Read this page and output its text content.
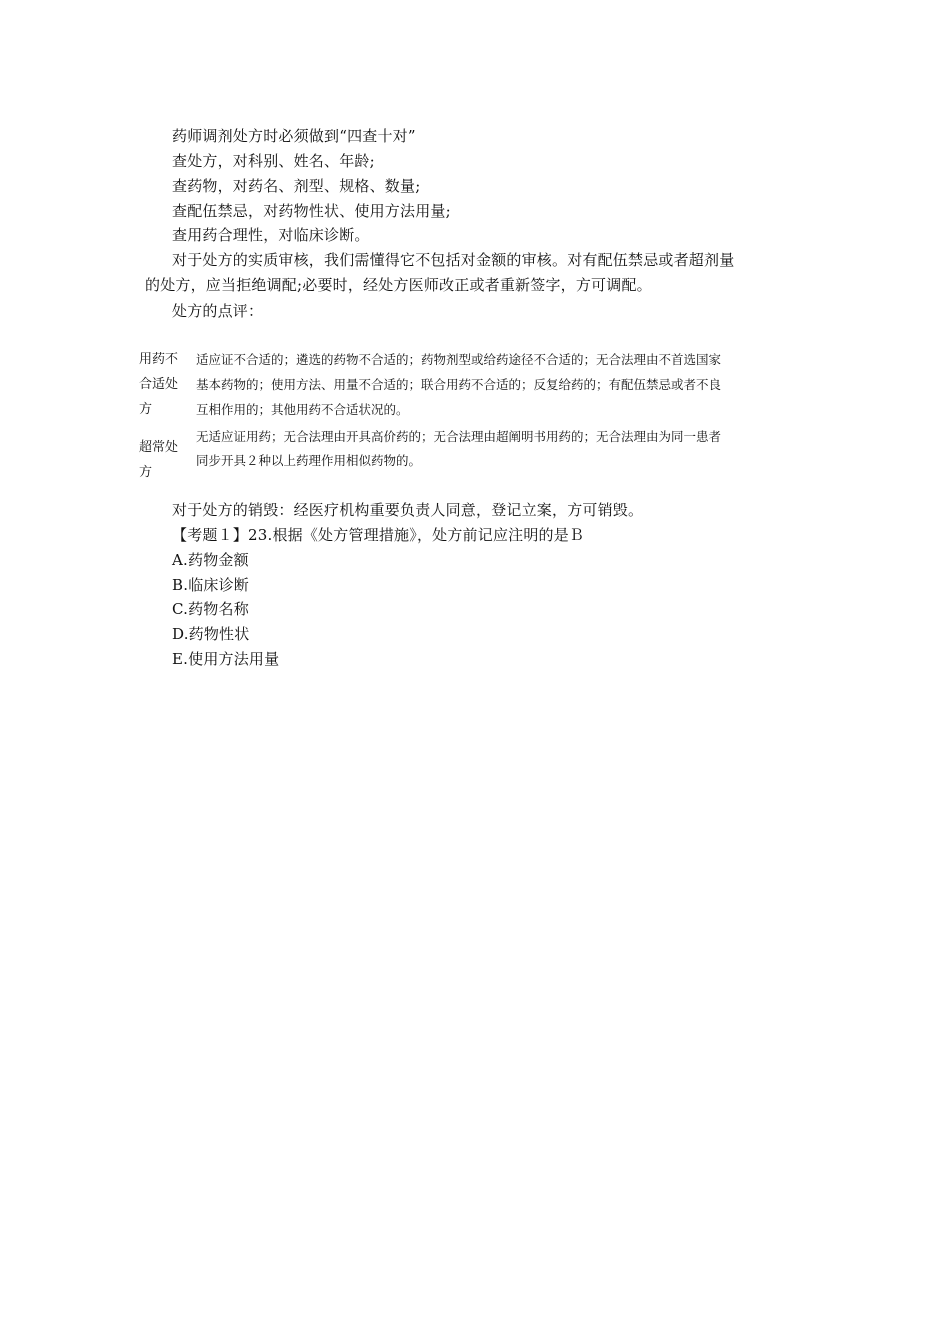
药师调剂处方时必须做到“四查十对”
查处方，对科别、姓名、年龄;
查药物，对药名、剂型、规格、数量;
查配伍禁忌，对药物性状、使用方法用量;
查用药合理性，对临床诊断。
对于处方的实质审核，我们需懂得它不包括对金额的审核。对有配伍禁忌或者超剂量
的处方，应当拒绝调配;必要时，经处方医师改正或者重新签字，方可调配。
处方的点评：
用药不
合适处
方
适应证不合适的；遴选的药物不合适的；药物剂型或给药途径不合适的；无合法理由不首选国家
基本药物的；使用方法、用量不合适的；联合用药不合适的；反复给药的；有配伍禁忌或者不良
互相作用的；其他用药不合适状况的。
超常处
方
无适应证用药；无合法理由开具高价药的；无合法理由超阐明书用药的；无合法理由为同一患者
同步开具２种以上药理作用相似药物的。
对于处方的销毁：经医疗机构重要负责人同意，登记立案，方可销毁。
【考题１】23.根据《处方管理措施》，处方前记应注明的是Ｂ
A.药物金额
B.临床诊断
C.药物名称
D.药物性状
E.使用方法用量
